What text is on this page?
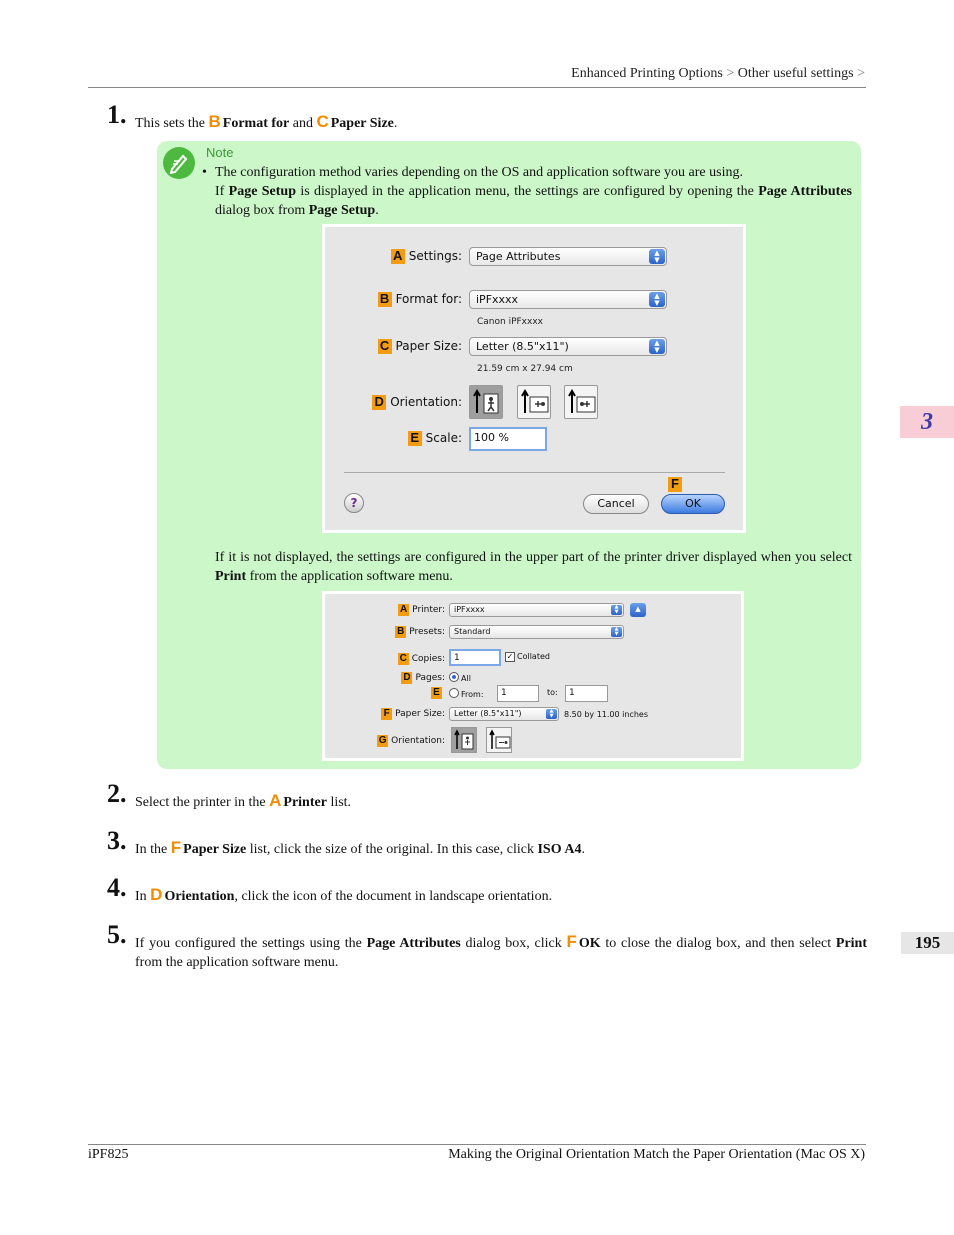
Enhanced Printing Options > Other useful settings >
1. This sets the B Format for and C Paper Size.
Note
• The configuration method varies depending on the OS and application software you are using.
If Page Setup is displayed in the application menu, the settings are configured by opening the Page Attributes dialog box from Page Setup.
If it is not displayed, the settings are configured in the upper part of the printer driver displayed when you select Print from the application software menu.
A Settings:	Page Attributes	▲
▼
B Format for:	iPFxxxx	▲
▼
Canon iPFxxxx
C Paper Size:	Letter (8.5"x11")	▲
▼
21.59 cm x 27.94 cm
D Orientation:
E Scale:	100 %
?	Cancel
F
OK
A Printer:	iPFxxxx	▲
▼	▲
B Presets:	Standard	▲
▼
C Copies:	1	✓ Collated
D Pages:	All
E	From:	1	to:	1
F Paper Size:	Letter (8.5"x11")	▲
▼	8.50 by 11.00 inches
G Orientation:
2. Select the printer in the A Printer list.
3. In the F Paper Size list, click the size of the original. In this case, click ISO A4.
4. In D Orientation, click the icon of the document in landscape orientation.
5. If you configured the settings using the Page Attributes dialog box, click F OK to close the dialog box, and then select Print from the application software menu.
3
195
iPF825	Making the Original Orientation Match the Paper Orientation (Mac OS X)
